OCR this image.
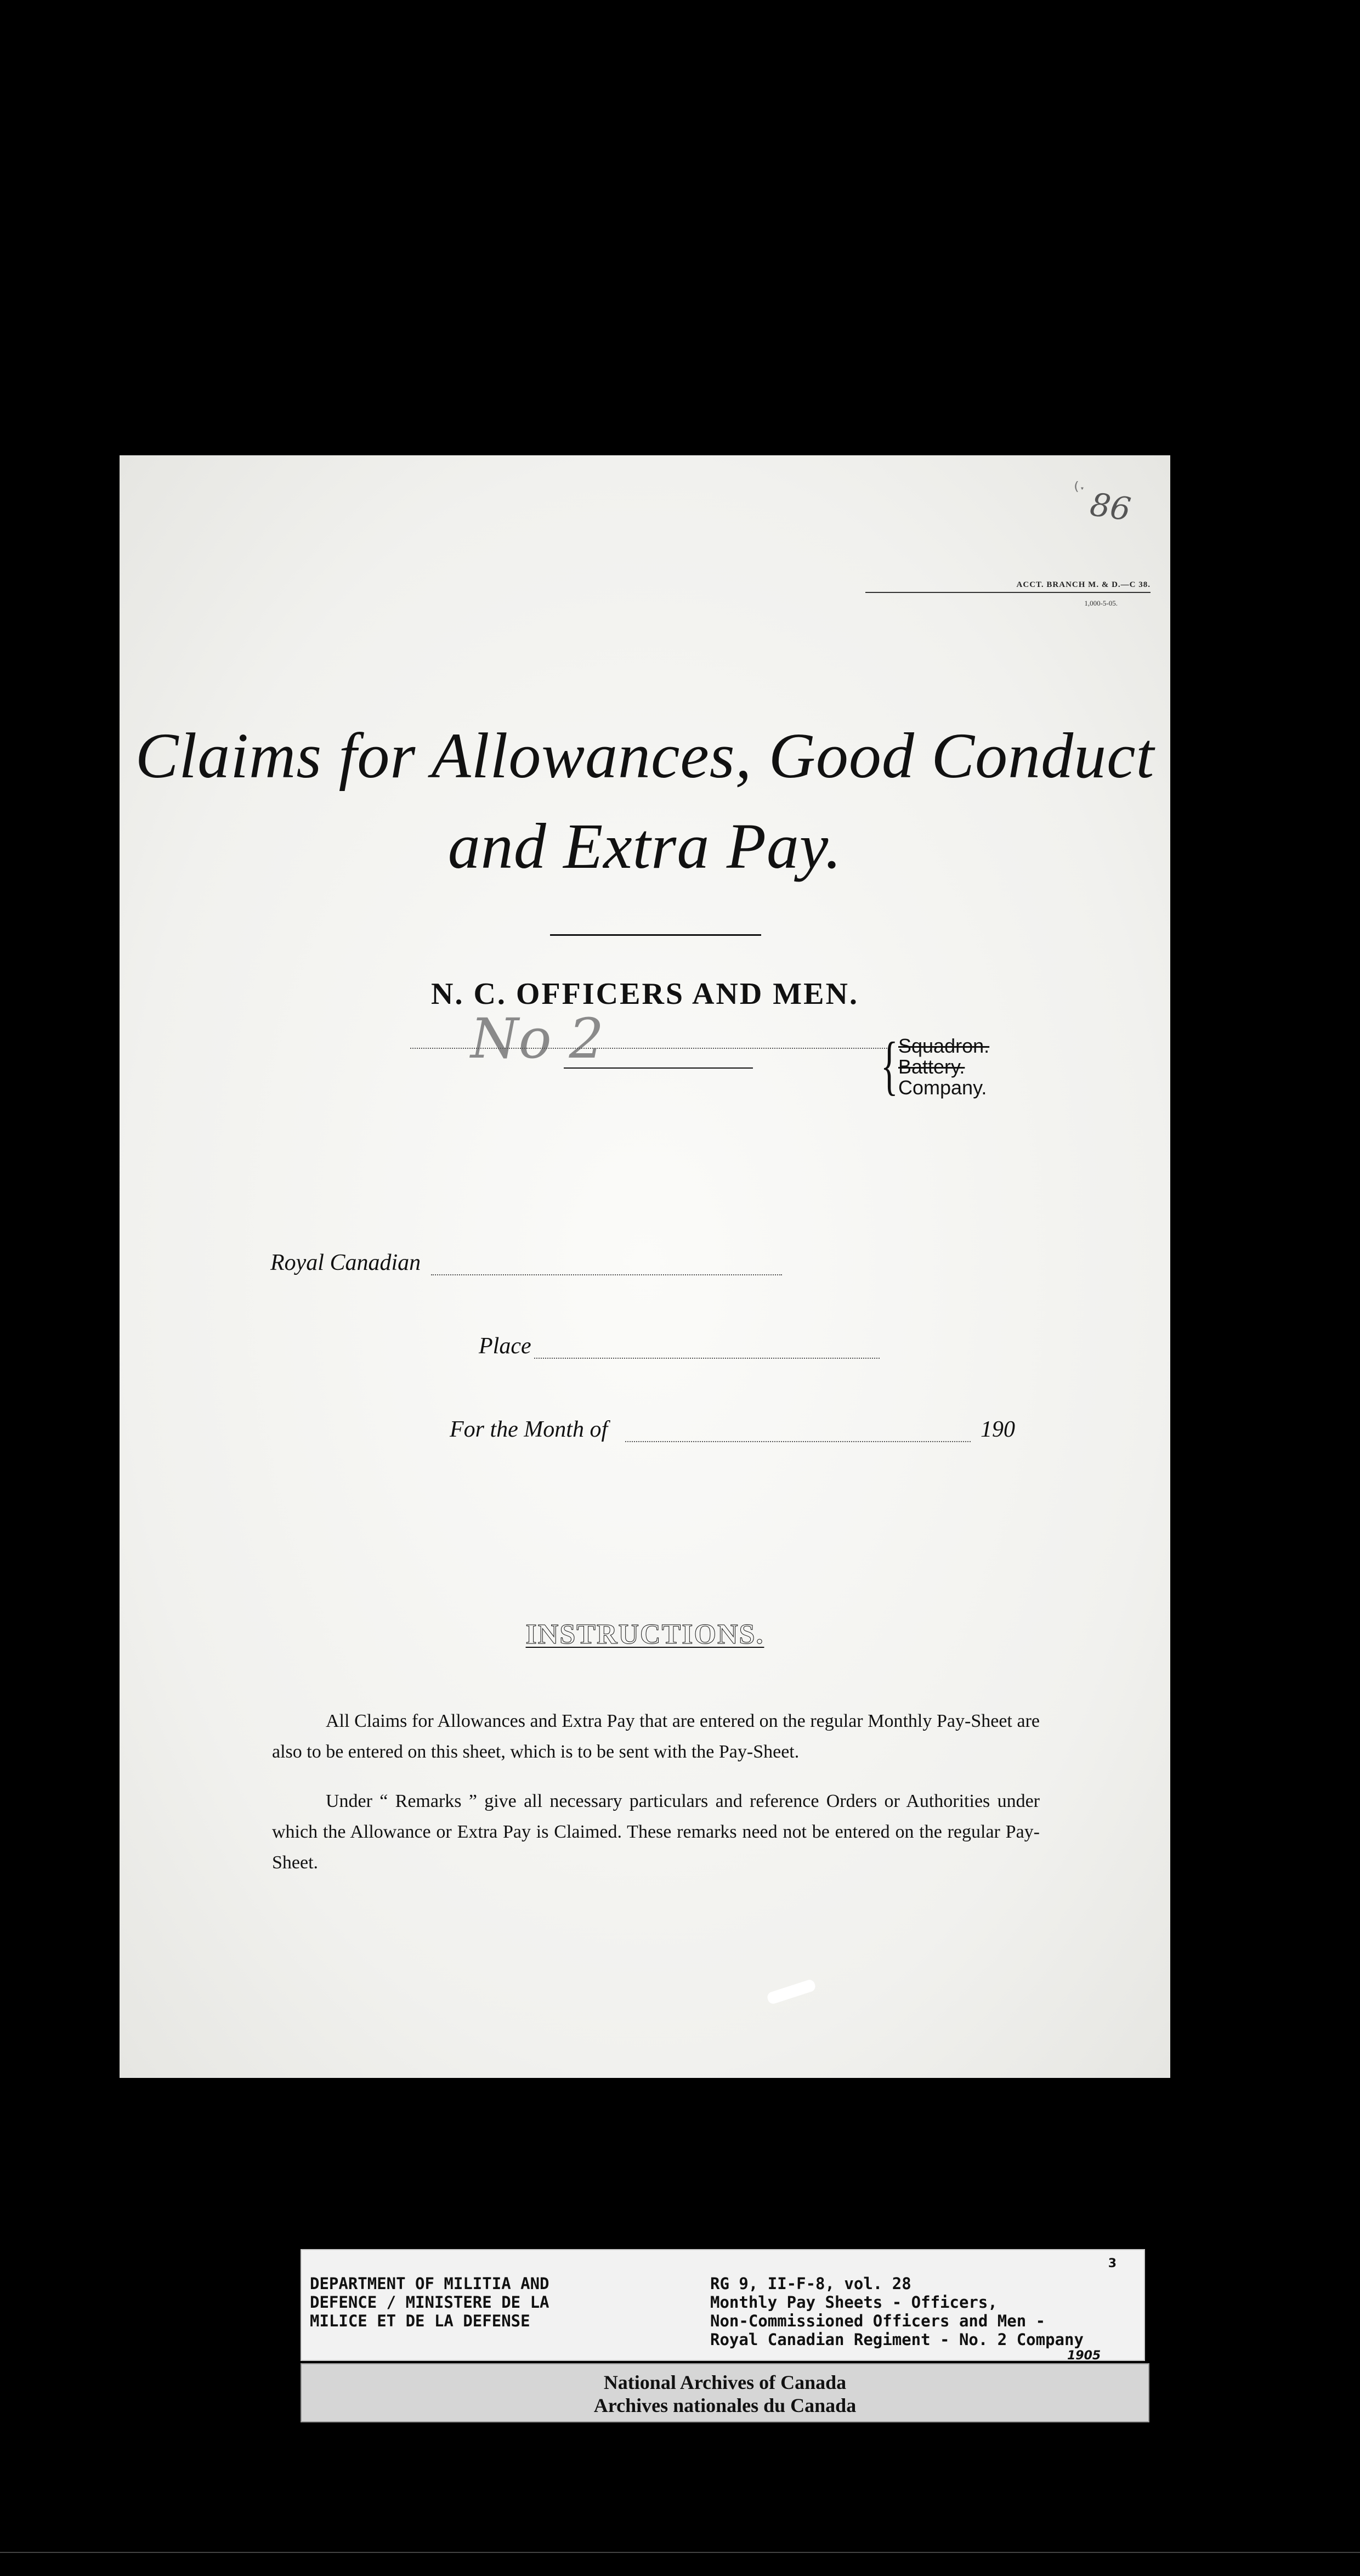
⁽ˑ 86
ACCT. BRANCH M. & D.—C 38.
1,000-5-05.
Claims for Allowances, Good Conduct
and Extra Pay.
N. C. OFFICERS AND MEN.
No 2	{ Squadron.
Battery.
Company.
Royal Canadian
Place
For the Month of	190
INSTRUCTIONS.
All Claims for Allowances and Extra Pay that are entered on the regular Monthly Pay-Sheet are also to be entered on this sheet, which is to be sent with the Pay-Sheet.
Under “ Remarks ” give all necessary particulars and reference Orders or Authorities under which the Allowance or Extra Pay is Claimed. These remarks need not be entered on the regular Pay-Sheet.
3
DEPARTMENT OF MILITIA AND
DEFENCE / MINISTERE DE LA
MILICE ET DE LA DEFENSE
RG 9, II-F-8, vol. 28
Monthly Pay Sheets - Officers,
Non-Commissioned Officers and Men -
Royal Canadian Regiment - No. 2 Company
1905
National Archives of Canada
Archives nationales du Canada
